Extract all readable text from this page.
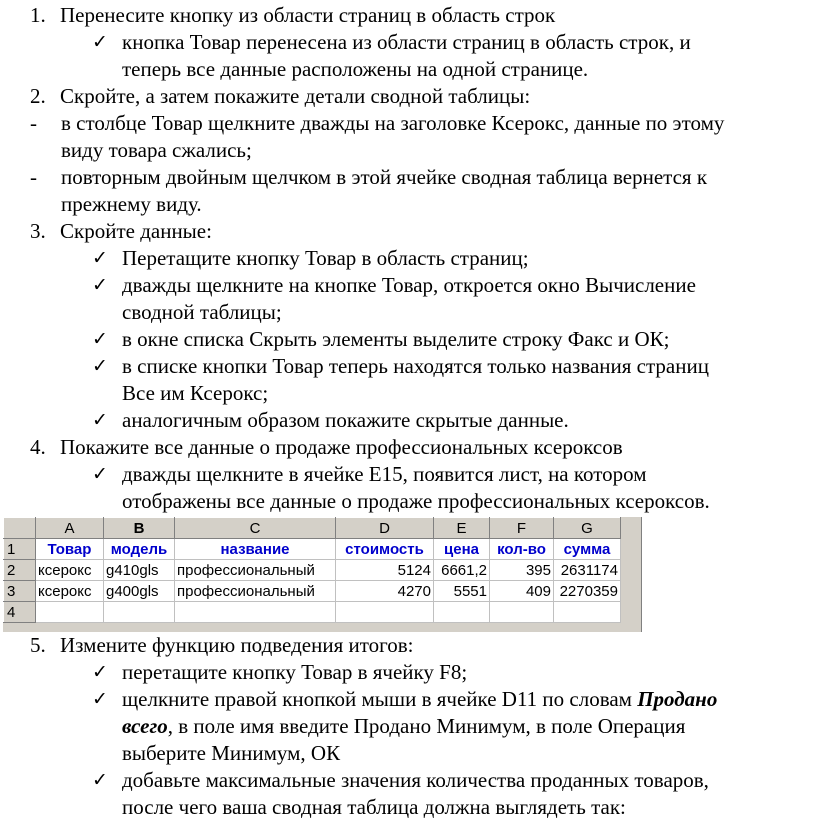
1. Перенесите кнопку из области страниц в область строк
✓ кнопка Товар перенесена из области страниц в область строк, и
теперь все данные расположены на одной странице.
2. Скройте, а затем покажите детали сводной таблицы:
- в столбце Товар щелкните дважды на заголовке Ксерокс, данные по этому
виду товара сжались;
- повторным двойным щелчком в этой ячейке сводная таблица вернется к
прежнему виду.
3. Скройте данные:
✓ Перетащите кнопку Товар в область страниц;
✓ дважды щелкните на кнопке Товар, откроется окно Вычисление
сводной таблицы;
✓ в окне списка Скрыть элементы выделите строку Факс и ОК;
✓ в списке кнопки Товар теперь находятся только названия страниц
Все им Ксерокс;
✓ аналогичным образом покажите скрытые данные.
4. Покажите все данные о продаже профессиональных ксероксов
✓ дважды щелкните в ячейке E15, появится лист, на котором
отображены все данные о продаже профессиональных ксероксов.
	A	B	C	D	E	F	G
1	Товар	модель	название	стоимость	цена	кол-во	сумма
2	ксерокс	g410gls	профессиональный	5124	6661,2	395	2631174
3	ксерокс	g400gls	профессиональный	4270	5551	409	2270359
4							
5. Измените функцию подведения итогов:
✓ перетащите кнопку Товар в ячейку F8;
✓ щелкните правой кнопкой мыши в ячейке D11 по словам Продано
всего, в поле имя введите Продано Минимум, в поле Операция
выберите Минимум, ОК
✓ добавьте максимальные значения количества проданных товаров,
после чего ваша сводная таблица должна выглядеть так:
